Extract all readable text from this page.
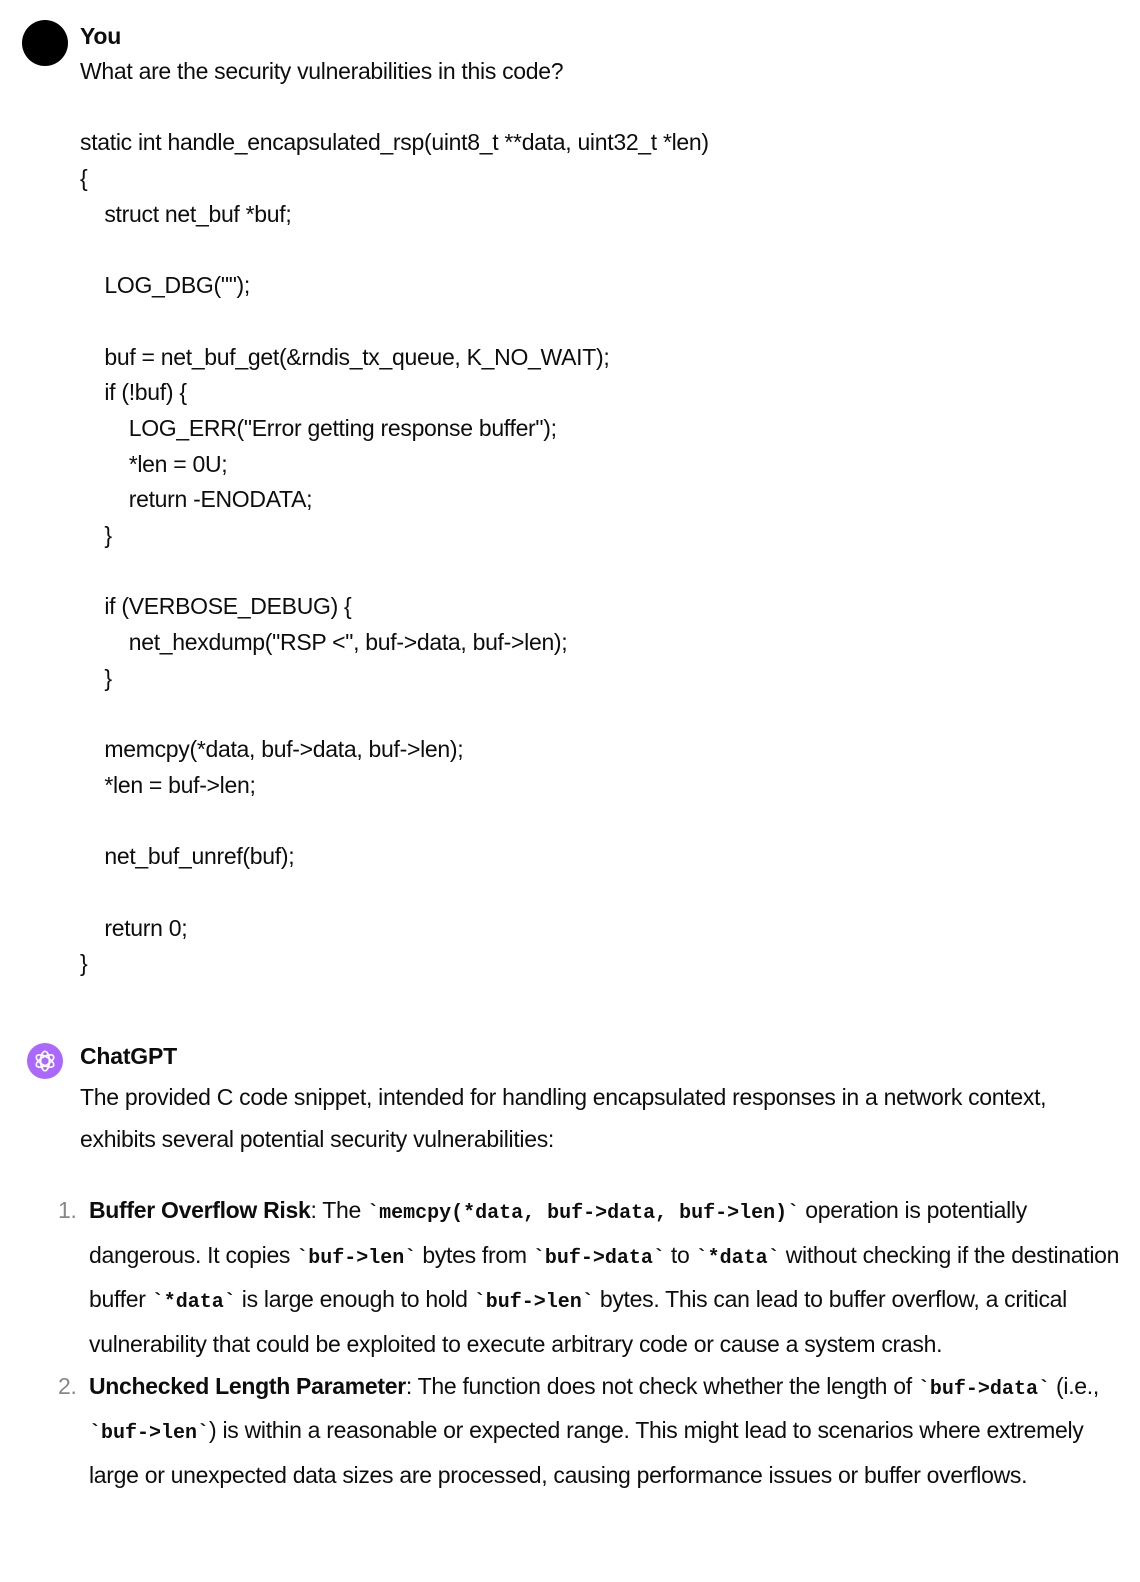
You
What are the security vulnerabilities in this code?
static int handle_encapsulated_rsp(uint8_t **data, uint32_t *len)
{
struct net_buf *buf;
LOG_DBG("");
buf = net_buf_get(&rndis_tx_queue, K_NO_WAIT);
if (!buf) {
LOG_ERR("Error getting response buffer");
*len = 0U;
return -ENODATA;
}
if (VERBOSE_DEBUG) {
net_hexdump("RSP <", buf->data, buf->len);
}
memcpy(*data, buf->data, buf->len);
*len = buf->len;
net_buf_unref(buf);
return 0;
}
ChatGPT
The provided C code snippet, intended for handling encapsulated responses in a network context, exhibits several potential security vulnerabilities:
1. Buffer Overflow Risk: The `memcpy(*data, buf->data, buf->len)` operation is potentially dangerous. It copies `buf->len` bytes from `buf->data` to `*data` without checking if the destination buffer `*data` is large enough to hold `buf->len` bytes. This can lead to buffer overflow, a critical vulnerability that could be exploited to execute arbitrary code or cause a system crash.
2. Unchecked Length Parameter: The function does not check whether the length of `buf->data` (i.e., `buf->len`) is within a reasonable or expected range. This might lead to scenarios where extremely large or unexpected data sizes are processed, causing performance issues or buffer overflows.
